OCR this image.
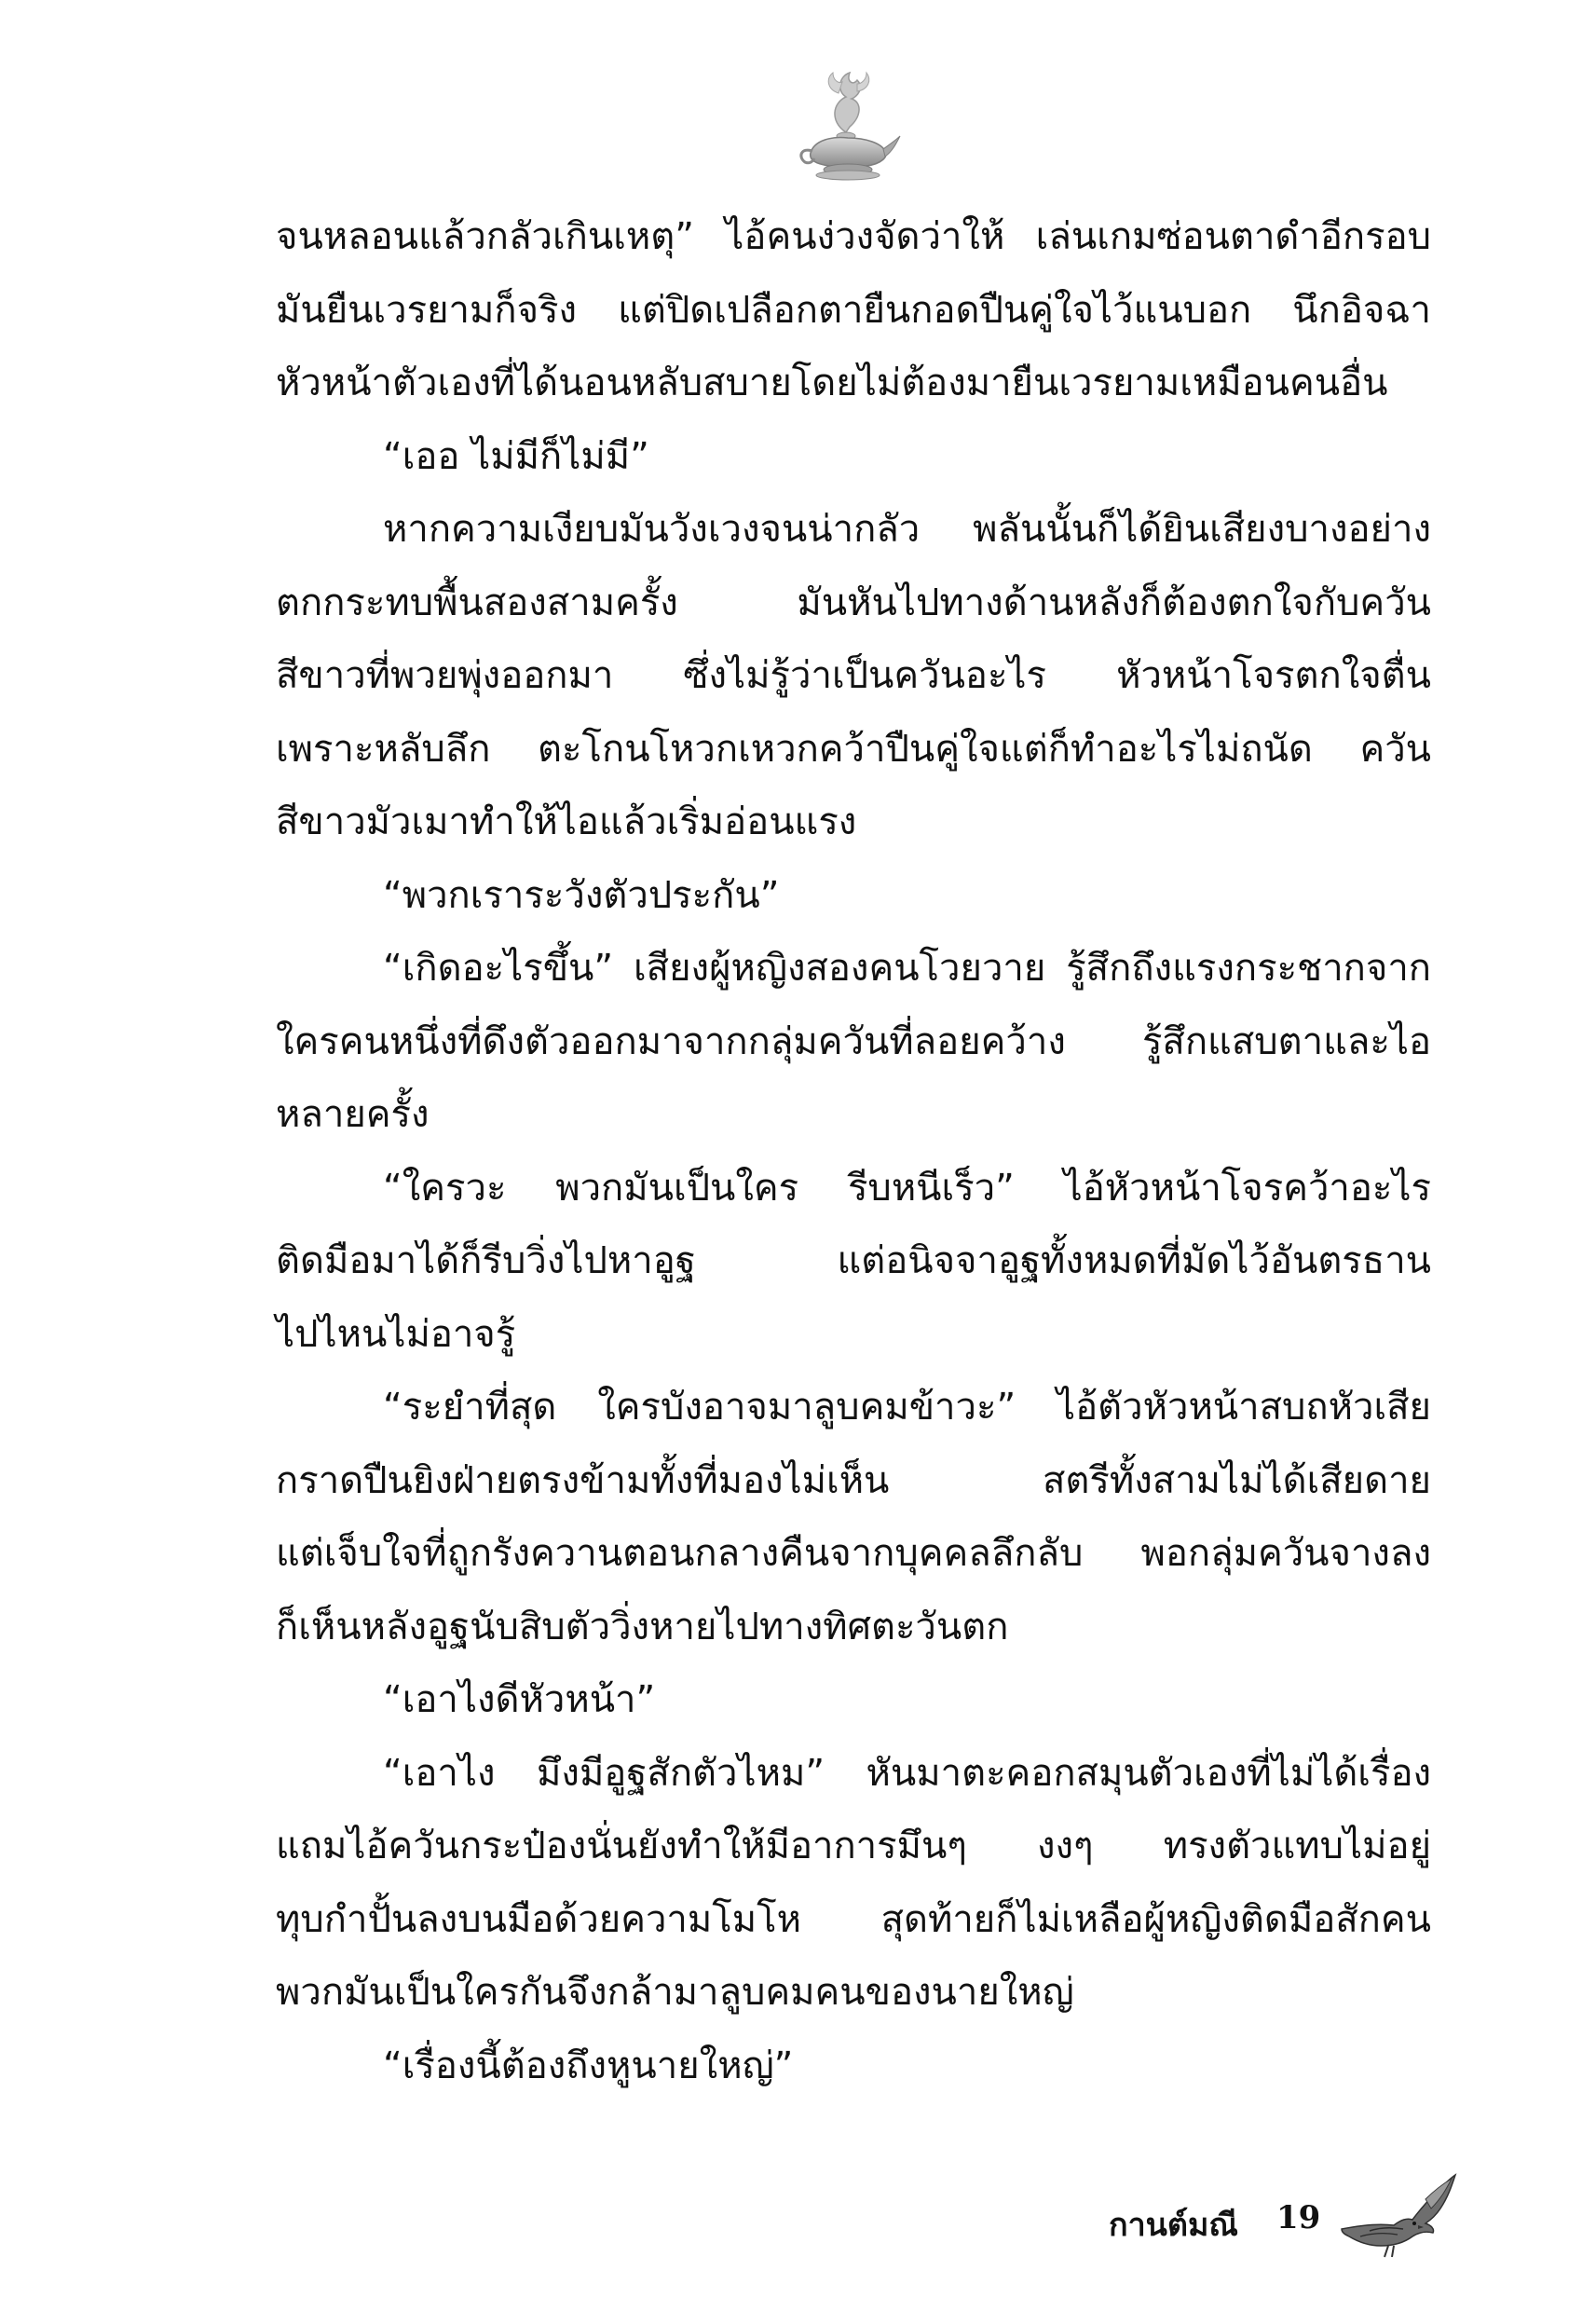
จนหลอนแล้วกลัวเกินเหตุ” ไอ้คนง่วงจัดว่าให้ เล่นเกมซ่อนตาดำอีกรอบ
มันยืนเวรยามก็จริง แต่ปิดเปลือกตายืนกอดปืนคู่ใจไว้แนบอก นึกอิจฉา
หัวหน้าตัวเองที่ได้นอนหลับสบายโดยไม่ต้องมายืนเวรยามเหมือนคนอื่น
“เออ ไม่มีก็ไม่มี”
หากความเงียบมันวังเวงจนน่ากลัว พลันนั้นก็ได้ยินเสียงบางอย่าง
ตกกระทบพื้นสองสามครั้ง มันหันไปทางด้านหลังก็ต้องตกใจกับควัน
สีขาวที่พวยพุ่งออกมา ซึ่งไม่รู้ว่าเป็นควันอะไร หัวหน้าโจรตกใจตื่น
เพราะหลับลึก ตะโกนโหวกเหวกคว้าปืนคู่ใจแต่ก็ทำอะไรไม่ถนัด ควัน
สีขาวมัวเมาทำให้ไอแล้วเริ่มอ่อนแรง
“พวกเราระวังตัวประกัน”
“เกิดอะไรขึ้น” เสียงผู้หญิงสองคนโวยวาย รู้สึกถึงแรงกระชากจาก
ใครคนหนึ่งที่ดึงตัวออกมาจากกลุ่มควันที่ลอยคว้าง รู้สึกแสบตาและไอ
หลายครั้ง
“ใครวะ พวกมันเป็นใคร รีบหนีเร็ว” ไอ้หัวหน้าโจรคว้าอะไร
ติดมือมาได้ก็รีบวิ่งไปหาอูฐ แต่อนิจจาอูฐทั้งหมดที่มัดไว้อันตรธาน
ไปไหนไม่อาจรู้
“ระยำที่สุด ใครบังอาจมาลูบคมข้าวะ” ไอ้ตัวหัวหน้าสบถหัวเสีย
กราดปืนยิงฝ่ายตรงข้ามทั้งที่มองไม่เห็น สตรีทั้งสามไม่ได้เสียดาย
แต่เจ็บใจที่ถูกรังควานตอนกลางคืนจากบุคคลลึกลับ พอกลุ่มควันจางลง
ก็เห็นหลังอูฐนับสิบตัววิ่งหายไปทางทิศตะวันตก
“เอาไงดีหัวหน้า”
“เอาไง มึงมีอูฐสักตัวไหม” หันมาตะคอกสมุนตัวเองที่ไม่ได้เรื่อง
แถมไอ้ควันกระป๋องนั่นยังทำให้มีอาการมึนๆ งงๆ ทรงตัวแทบไม่อยู่
ทุบกำปั้นลงบนมือด้วยความโมโห สุดท้ายก็ไม่เหลือผู้หญิงติดมือสักคน
พวกมันเป็นใครกันจึงกล้ามาลูบคมคนของนายใหญ่
“เรื่องนี้ต้องถึงหูนายใหญ่”
กานต์มณี 19
